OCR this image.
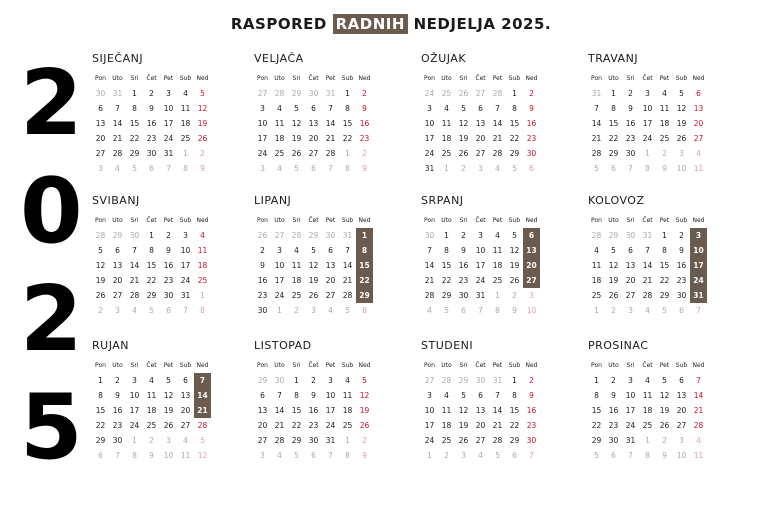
RASPORED RADNIH NEDJELJA 2025.
2
0
2
5
SIJEČANJ
Pon	Uto	Sri	Čet	Pet	Sub	Ned
30	31	1	2	3	4	5
6	7	8	9	10	11	12
13	14	15	16	17	18	19
20	21	22	23	24	25	26
27	28	29	30	31	1	2
3	4	5	6	7	8	9
VELJAČA
Pon	Uto	Sri	Čet	Pet	Sub	Ned
27	28	29	30	31	1	2
3	4	5	6	7	8	9
10	11	12	13	14	15	16
17	18	19	20	21	22	23
24	25	26	27	28	1	2
3	4	5	6	7	8	9
OŽUJAK
Pon	Uto	Sri	Čet	Pet	Sub	Ned
24	25	26	27	28	1	2
3	4	5	6	7	8	9
10	11	12	13	14	15	16
17	18	19	20	21	22	23
24	25	26	27	28	29	30
31	1	2	3	4	5	6
TRAVANJ
Pon	Uto	Sri	Čet	Pet	Sub	Ned
31	1	2	3	4	5	6
7	8	9	10	11	12	13
14	15	16	17	18	19	20
21	22	23	24	25	26	27
28	29	30	1	2	3	4
5	6	7	8	9	10	11
SVIBANJ
Pon	Uto	Sri	Čet	Pet	Sub	Ned
28	29	30	1	2	3	4
5	6	7	8	9	10	11
12	13	14	15	16	17	18
19	20	21	22	23	24	25
26	27	28	29	30	31	1
2	3	4	5	6	7	8
LIPANJ
Pon	Uto	Sri	Čet	Pet	Sub	Ned
26	27	28	29	30	31	1
2	3	4	5	6	7	8
9	10	11	12	13	14	15
16	17	18	19	20	21	22
23	24	25	26	27	28	29
30	1	2	3	4	5	6
SRPANJ
Pon	Uto	Sri	Čet	Pet	Sub	Ned
30	1	2	3	4	5	6
7	8	9	10	11	12	13
14	15	16	17	18	19	20
21	22	23	24	25	26	27
28	29	30	31	1	2	3
4	5	6	7	8	9	10
KOLOVOZ
Pon	Uto	Sri	Čet	Pet	Sub	Ned
28	29	30	31	1	2	3
4	5	6	7	8	9	10
11	12	13	14	15	16	17
18	19	20	21	22	23	24
25	26	27	28	29	30	31
1	2	3	4	5	6	7
RUJAN
Pon	Uto	Sri	Čet	Pet	Sub	Ned
1	2	3	4	5	6	7
8	9	10	11	12	13	14
15	16	17	18	19	20	21
22	23	24	25	26	27	28
29	30	1	2	3	4	5
6	7	8	9	10	11	12
LISTOPAD
Pon	Uto	Sri	Čet	Pet	Sub	Ned
29	30	1	2	3	4	5
6	7	8	9	10	11	12
13	14	15	16	17	18	19
20	21	22	23	24	25	26
27	28	29	30	31	1	2
3	4	5	6	7	8	9
STUDENI
Pon	Uto	Sri	Čet	Pet	Sub	Ned
27	28	29	30	31	1	2
3	4	5	6	7	8	9
10	11	12	13	14	15	16
17	18	19	20	21	22	23
24	25	26	27	28	29	30
1	2	3	4	5	6	7
PROSINAC
Pon	Uto	Sri	Čet	Pet	Sub	Ned
1	2	3	4	5	6	7
8	9	10	11	12	13	14
15	16	17	18	19	20	21
22	23	24	25	26	27	28
29	30	31	1	2	3	4
5	6	7	8	9	10	11
